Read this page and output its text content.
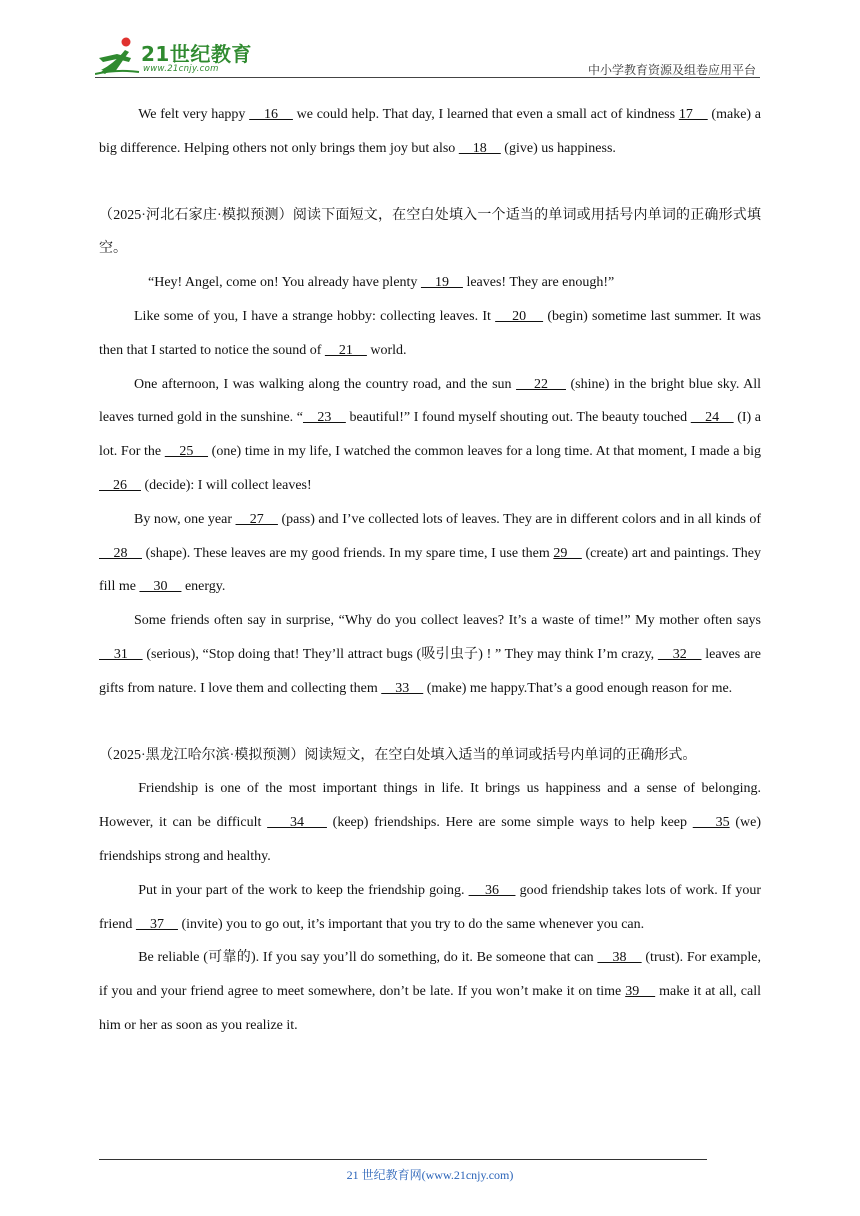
21世纪教育
www.21cnjy.com	中小学教育资源及组卷应用平台

We felt very happy     16     we could help. That day, I learned that even a small act of kindness 17     (make) a big difference. Helping others not only brings them joy but also     18     (give) us happiness.

（2025·河北石家庄·模拟预测）阅读下面短文，在空白处填入一个适当的单词或用括号内单词的正确形式填空。

“Hey! Angel, come on! You already have plenty     19     leaves! They are enough!”

Like some of you, I have a strange hobby: collecting leaves. It     20     (begin) sometime last summer. It was then that I started to notice the sound of     21     world.

One afternoon, I was walking along the country road, and the sun     22     (shine) in the bright blue sky. All leaves turned gold in the sunshine. “    23     beautiful!” I found myself shouting out. The beauty touched     24     (I) a lot. For the     25     (one) time in my life, I watched the common leaves for a long time. At that moment, I made a big     26     (decide): I will collect leaves!

By now, one year     27     (pass) and I’ve collected lots of leaves. They are in different colors and in all kinds of     28     (shape). These leaves are my good friends. In my spare time, I use them 29     (create) art and paintings. They fill me     30     energy.

Some friends often say in surprise, “Why do you collect leaves? It’s a waste of time!” My mother often says     31     (serious), “Stop doing that! They’ll attract bugs (吸引虫子) ! ” They may think I’m crazy,     32     leaves are gifts from nature. I love them and collecting them     33     (make) me happy.That’s a good enough reason for me.

（2025·黑龙江哈尔滨·模拟预测）阅读短文，在空白处填入适当的单词或括号内单词的正确形式。

Friendship is one of the most important things in life. It brings us happiness and a sense of belonging. However, it can be difficult     34     (keep) friendships. Here are some simple ways to help keep     35 (we) friendships strong and healthy.

Put in your part of the work to keep the friendship going.     36     good friendship takes lots of work. If your friend     37     (invite) you to go out, it’s important that you try to do the same whenever you can.

Be reliable (可靠的). If you say you’ll do something, do it. Be someone that can     38     (trust). For example, if you and your friend agree to meet somewhere, don’t be late. If you won’t make it on time 39     make it at all, call him or her as soon as you realize it.

21 世纪教育网(www.21cnjy.com)
